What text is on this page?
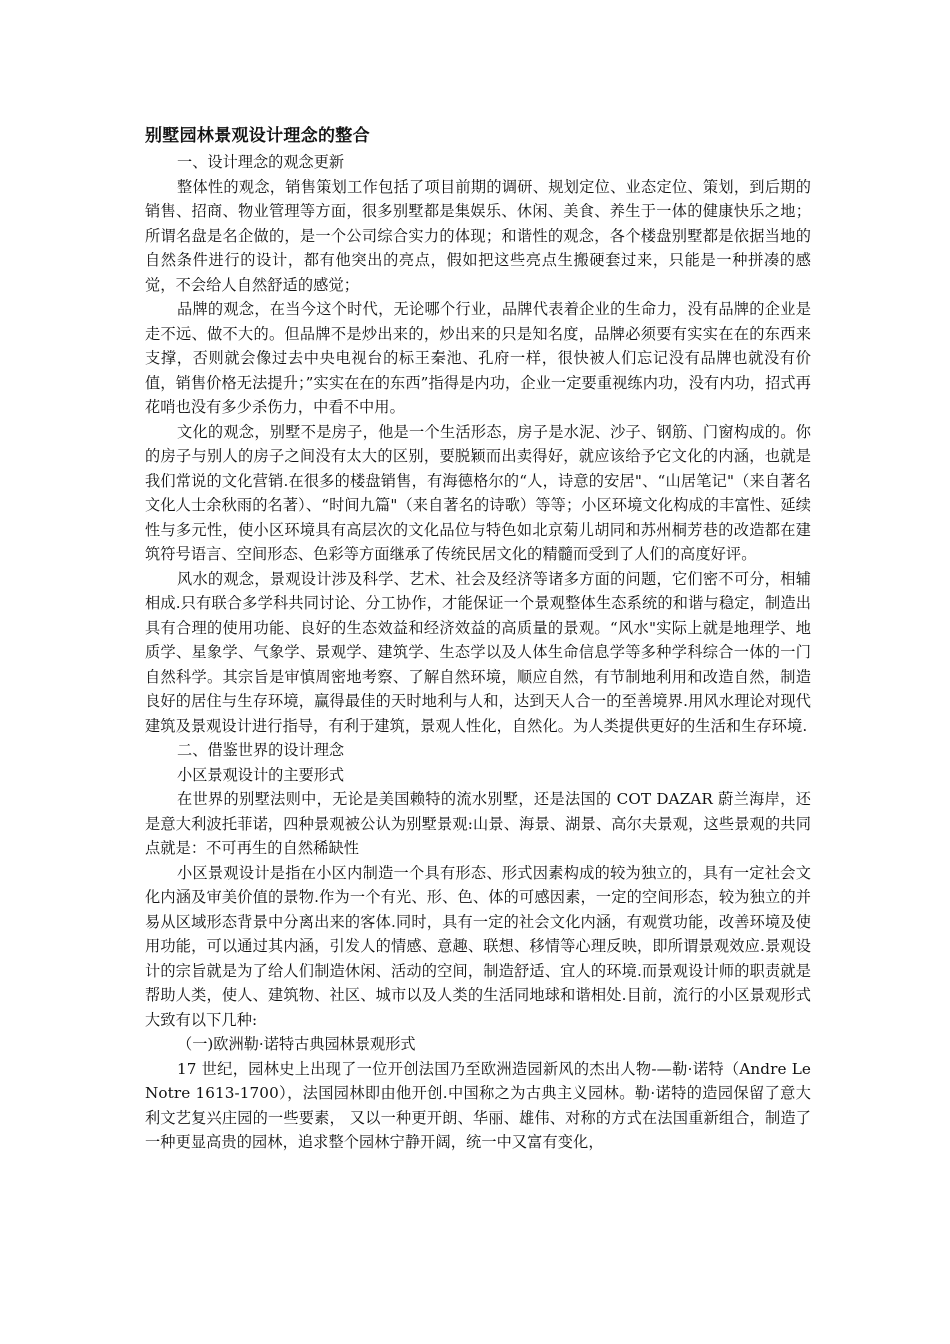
别墅园林景观设计理念的整合

一、设计理念的观念更新

整体性的观念，销售策划工作包括了项目前期的调研、规划定位、业态定位、策划，到后期的销售、招商、物业管理等方面，很多别墅都是集娱乐、休闲、美食、养生于一体的健康快乐之地；所谓名盘是名企做的，是一个公司综合实力的体现；和谐性的观念，各个楼盘别墅都是依据当地的自然条件进行的设计，都有他突出的亮点，假如把这些亮点生搬硬套过来，只能是一种拼凑的感觉，不会给人自然舒适的感觉；

品牌的观念，在当今这个时代，无论哪个行业，品牌代表着企业的生命力，没有品牌的企业是走不远、做不大的。但品牌不是炒出来的，炒出来的只是知名度，品牌必须要有实实在在的东西来支撑，否则就会像过去中央电视台的标王秦池、孔府一样，很快被人们忘记没有品牌也就没有价值，销售价格无法提升；”实实在在的东西”指得是内功，企业一定要重视练内功，没有内功，招式再花哨也没有多少杀伤力，中看不中用。

文化的观念，别墅不是房子，他是一个生活形态，房子是水泥、沙子、钢筋、门窗构成的。你的房子与别人的房子之间没有太大的区别，要脱颖而出卖得好，就应该给予它文化的内涵，也就是我们常说的文化营销.在很多的楼盘销售，有海德格尔的“人，诗意的安居"、“山居笔记"（来自著名文化人士余秋雨的名著）、“时间九篇"（来自著名的诗歌）等等；小区环境文化构成的丰富性、延续性与多元性，使小区环境具有高层次的文化品位与特色如北京菊儿胡同和苏州桐芳巷的改造都在建筑符号语言、空间形态、色彩等方面继承了传统民居文化的精髓而受到了人们的高度好评。

风水的观念，景观设计涉及科学、艺术、社会及经济等诸多方面的问题，它们密不可分，相辅相成.只有联合多学科共同讨论、分工协作，才能保证一个景观整体生态系统的和谐与稳定，制造出具有合理的使用功能、良好的生态效益和经济效益的高质量的景观。“风水"实际上就是地理学、地质学、星象学、气象学、景观学、建筑学、生态学以及人体生命信息学等多种学科综合一体的一门自然科学。其宗旨是审慎周密地考察、了解自然环境，顺应自然，有节制地利用和改造自然，制造良好的居住与生存环境，赢得最佳的天时地利与人和，达到天人合一的至善境界.用风水理论对现代建筑及景观设计进行指导，有利于建筑，景观人性化，自然化。为人类提供更好的生活和生存环境.

二、借鉴世界的设计理念

小区景观设计的主要形式

在世界的别墅法则中，无论是美国赖特的流水别墅，还是法国的 COT DAZAR 蔚兰海岸，还是意大利波托菲诺，四种景观被公认为别墅景观:山景、海景、湖景、高尔夫景观，这些景观的共同点就是：不可再生的自然稀缺性

小区景观设计是指在小区内制造一个具有形态、形式因素构成的较为独立的，具有一定社会文化内涵及审美价值的景物.作为一个有光、形、色、体的可感因素，一定的空间形态，较为独立的并易从区域形态背景中分离出来的客体.同时，具有一定的社会文化内涵，有观赏功能，改善环境及使用功能，可以通过其内涵，引发人的情感、意趣、联想、移情等心理反映，即所谓景观效应.景观设计的宗旨就是为了给人们制造休闲、活动的空间，制造舒适、宜人的环境.而景观设计师的职责就是帮助人类，使人、建筑物、社区、城市以及人类的生活同地球和谐相处.目前，流行的小区景观形式大致有以下几种:

（一)欧洲勒·诺特古典园林景观形式

17 世纪，园林史上出现了一位开创法国乃至欧洲造园新风的杰出人物-—勒·诺特（Andre Le Notre 1613-1700），法国园林即由他开创.中国称之为古典主义园林。勒·诺特的造园保留了意大利文艺复兴庄园的一些要素， 又以一种更开朗、华丽、雄伟、对称的方式在法国重新组合，制造了一种更显高贵的园林，追求整个园林宁静开阔，统一中又富有变化，
